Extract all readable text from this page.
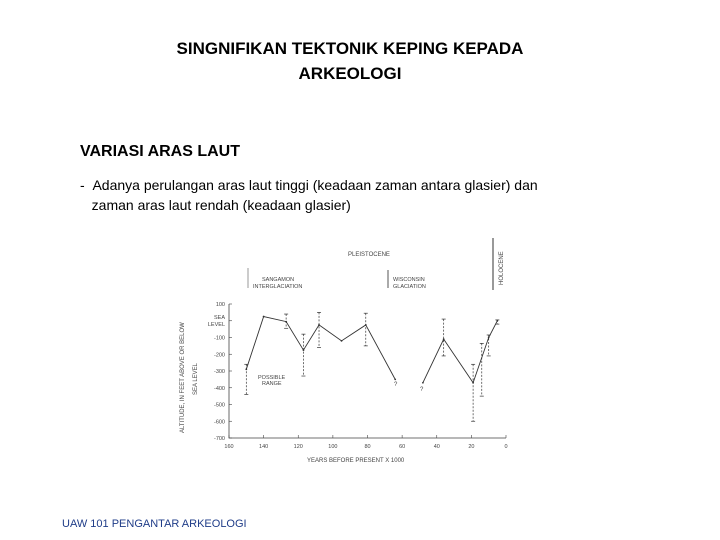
SINGNIFIKAN TEKTONIK KEPING KEPADA
ARKEOLOGI
VARIASI ARAS LAUT
- Adanya perulangan aras laut tinggi (keadaan zaman antara glasier) dan
zaman aras laut rendah (keadaan glasier)
UAW 101 PENGANTAR ARKEOLOGI
PLEISTOCENE	HOLOCENE
SANGAMON
INTERGLACIATION
WISCONSIN
GLACIATION
POSSIBLE
RANGE	?
?
YEARS BEFORE PRESENT X 1000
ALTITUDE, IN FEET ABOVE OR BELOW SEA LEVEL
160	140	120	100	80	60	40	20	0
100
SEA
LEVEL
-100
-200
-300
-400
-500
-600
-700
